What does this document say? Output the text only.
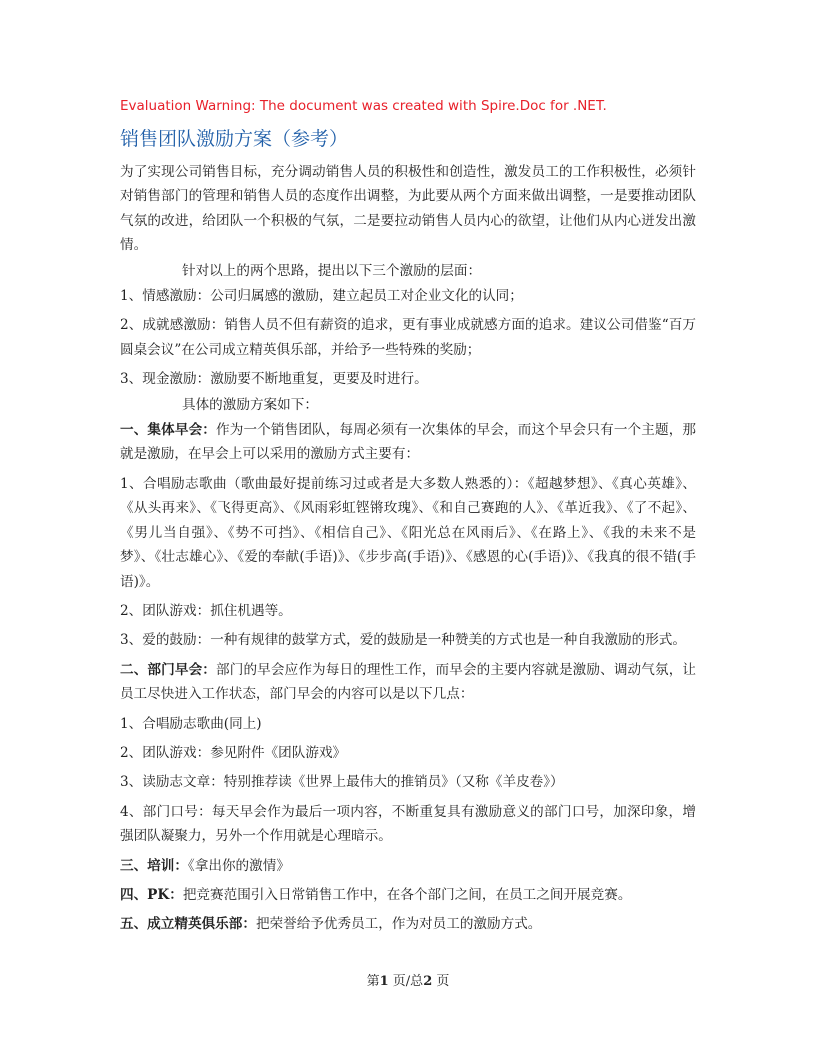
Evaluation Warning: The document was created with Spire.Doc for .NET.
销售团队激励方案（参考）

为了实现公司销售目标，充分调动销售人员的积极性和创造性，激发员工的工作积极性，必须针对销售部门的管理和销售人员的态度作出调整，为此要从两个方面来做出调整，一是要推动团队气氛的改进，给团队一个积极的气氛，二是要拉动销售人员内心的欲望，让他们从内心迸发出激情。

针对以上的两个思路，提出以下三个激励的层面：

1、情感激励：公司归属感的激励，建立起员工对企业文化的认同；

2、成就感激励：销售人员不但有薪资的追求，更有事业成就感方面的追求。建议公司借鉴“百万圆桌会议”在公司成立精英俱乐部，并给予一些特殊的奖励；

3、现金激励：激励要不断地重复，更要及时进行。

具体的激励方案如下：

一、集体早会：作为一个销售团队，每周必须有一次集体的早会，而这个早会只有一个主题，那就是激励，在早会上可以采用的激励方式主要有：

1、合唱励志歌曲（歌曲最好提前练习过或者是大多数人熟悉的）：《超越梦想》、《真心英雄》、《从头再来》、《飞得更高》、《风雨彩虹铿锵玫瑰》、《和自己赛跑的人》、《革近我》、《了不起》、《男儿当自强》、《势不可挡》、《相信自己》、《阳光总在风雨后》、《在路上》、《我的未来不是梦》、《壮志雄心》、《爱的奉献(手语)》、《步步高(手语)》、《感恩的心(手语)》、《我真的很不错(手语)》。

2、团队游戏：抓住机遇等。

3、爱的鼓励：一种有规律的鼓掌方式，爱的鼓励是一种赞美的方式也是一种自我激励的形式。

二、部门早会：部门的早会应作为每日的理性工作，而早会的主要内容就是激励、调动气氛，让员工尽快进入工作状态，部门早会的内容可以是以下几点：

1、合唱励志歌曲(同上)

2、团队游戏：参见附件《团队游戏》

3、读励志文章：特别推荐读《世界上最伟大的推销员》（又称《羊皮卷》）

4、部门口号：每天早会作为最后一项内容，不断重复具有激励意义的部门口号，加深印象，增强团队凝聚力，另外一个作用就是心理暗示。

三、培训：《拿出你的激情》

四、PK：把竞赛范围引入日常销售工作中，在各个部门之间，在员工之间开展竞赛。

五、成立精英俱乐部：把荣誉给予优秀员工，作为对员工的激励方式。

第1 页/总2 页
